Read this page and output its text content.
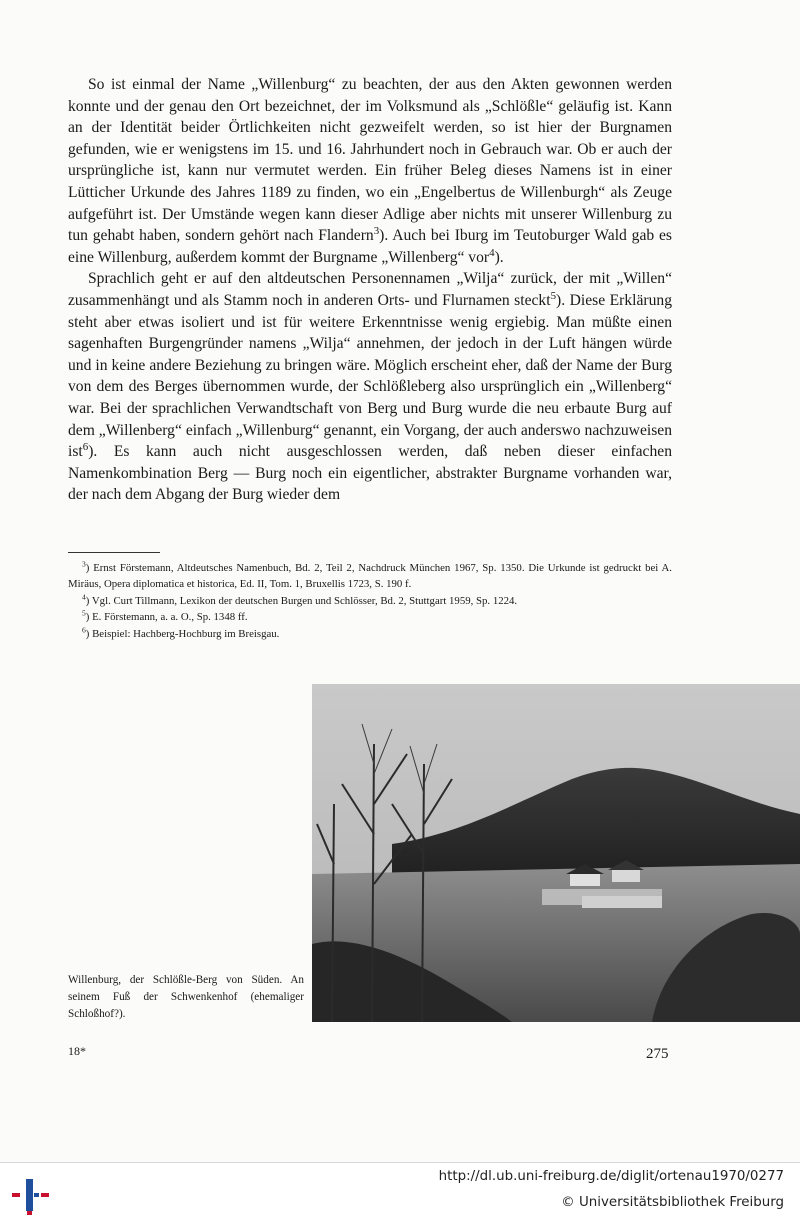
So ist einmal der Name „Willenburg“ zu beachten, der aus den Akten gewonnen werden konnte und der genau den Ort bezeichnet, der im Volksmund als „Schlößle“ geläufig ist. Kann an der Identität beider Örtlichkeiten nicht gezweifelt werden, so ist hier der Burgnamen gefunden, wie er wenigstens im 15. und 16. Jahrhundert noch in Gebrauch war. Ob er auch der ursprüngliche ist, kann nur vermutet werden. Ein früher Beleg dieses Namens ist in einer Lütticher Urkunde des Jahres 1189 zu finden, wo ein „Engelbertus de Willenburgh“ als Zeuge aufgeführt ist. Der Umstände wegen kann dieser Adlige aber nichts mit unserer Willenburg zu tun gehabt haben, sondern gehört nach Flandern$^3$). Auch bei Iburg im Teutoburger Wald gab es eine Willenburg, außerdem kommt der Burgname „Willenberg“ vor$^4$).

Sprachlich geht er auf den altdeutschen Personennamen „Wilja“ zurück, der mit „Willen“ zusammenhängt und als Stamm noch in anderen Orts- und Flurnamen steckt$^5$). Diese Erklärung steht aber etwas isoliert und ist für weitere Erkenntnisse wenig ergiebig. Man müßte einen sagenhaften Burgengründer namens „Wilja“ annehmen, der jedoch in der Luft hängen würde und in keine andere Beziehung zu bringen wäre. Möglich erscheint eher, daß der Name der Burg von dem des Berges übernommen wurde, der Schlößleberg also ursprünglich ein „Willenberg“ war. Bei der sprachlichen Verwandtschaft von Berg und Burg wurde die neu erbaute Burg auf dem „Willenberg“ einfach „Willenburg“ genannt, ein Vorgang, der auch anderswo nachzuweisen ist$^6$). Es kann auch nicht ausgeschlossen werden, daß neben dieser einfachen Namenkombination Berg — Burg noch ein eigentlicher, abstrakter Burgname vorhanden war, der nach dem Abgang der Burg wieder dem

$^3$) Ernst Förstemann, Altdeutsches Namenbuch, Bd. 2, Teil 2, Nachdruck München 1967, Sp. 1350. Die Urkunde ist gedruckt bei A. Miräus, Opera diplomatica et historica, Ed. II, Tom. 1, Bruxellis 1723, S. 190 f.

$^4$) Vgl. Curt Tillmann, Lexikon der deutschen Burgen und Schlösser, Bd. 2, Stuttgart 1959, Sp. 1224.

$^5$) E. Förstemann, a. a. O., Sp. 1348 ff.

$^6$) Beispiel: Hachberg-Hochburg im Breisgau.

Willenburg, der Schlößle-Berg von Süden. An seinem Fuß der Schwenkenhof (ehemaliger Schloßhof?).

18*	275
http://dl.ub.uni-freiburg.de/diglit/ortenau1970/0277
© Universitätsbibliothek Freiburg
